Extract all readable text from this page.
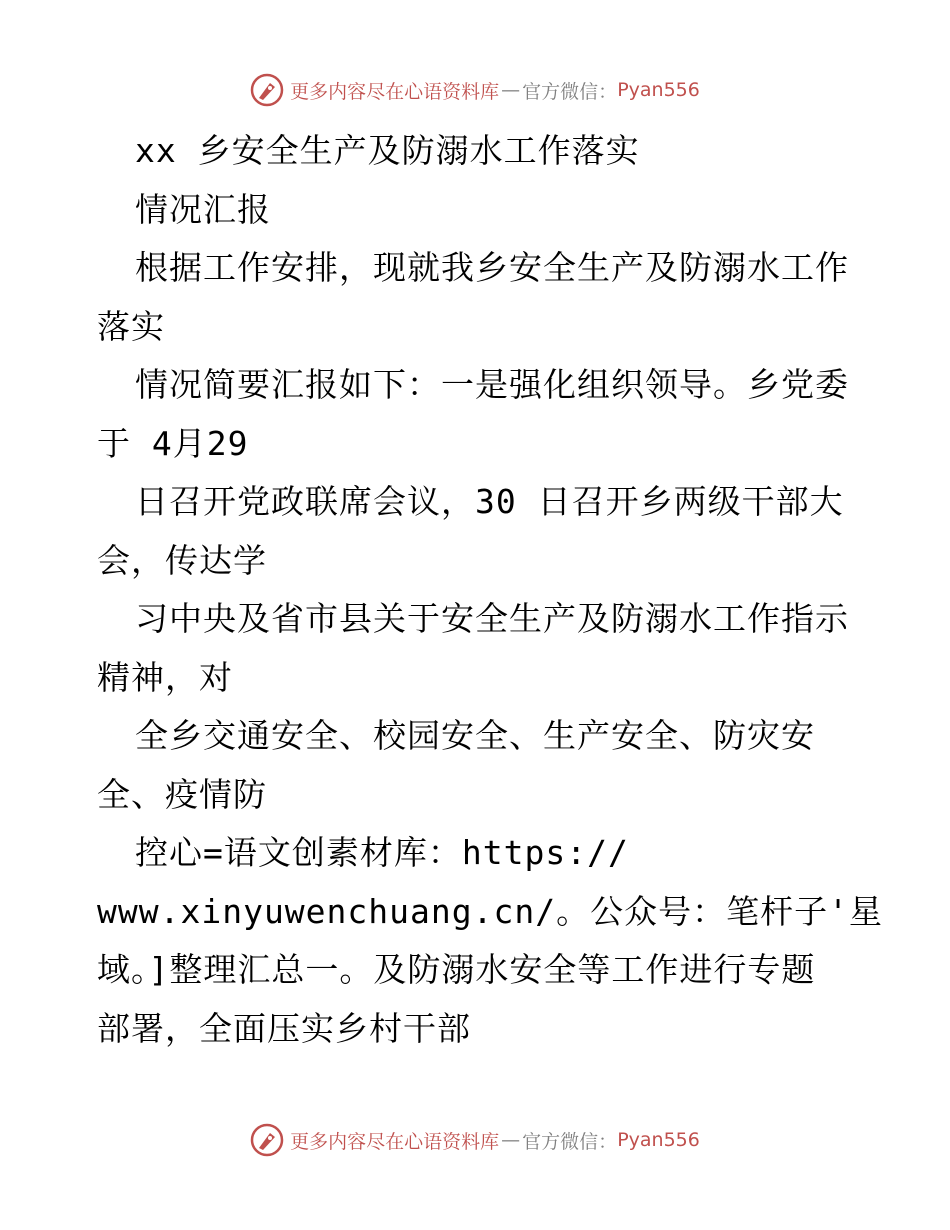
更多内容尽在心语资料库 — 官方微信： Pyan556
xx 乡安全生产及防溺水工作落实
情况汇报
根据工作安排，现就我乡安全生产及防溺水工作
落实
情况简要汇报如下：一是强化组织领导。乡党委
于 4月29
日召开党政联席会议，30 日召开乡两级干部大
会，传达学
习中央及省市县关于安全生产及防溺水工作指示
精神，对
全乡交通安全、校园安全、生产安全、防灾安
全、疫情防
控心=语文创素材库：https://
www.xinyuwenchuang.cn/。公众号：笔杆子'星
域。]整理汇总一。及防溺水安全等工作进行专题
部署，全面压实乡村干部
更多内容尽在心语资料库 — 官方微信： Pyan556
